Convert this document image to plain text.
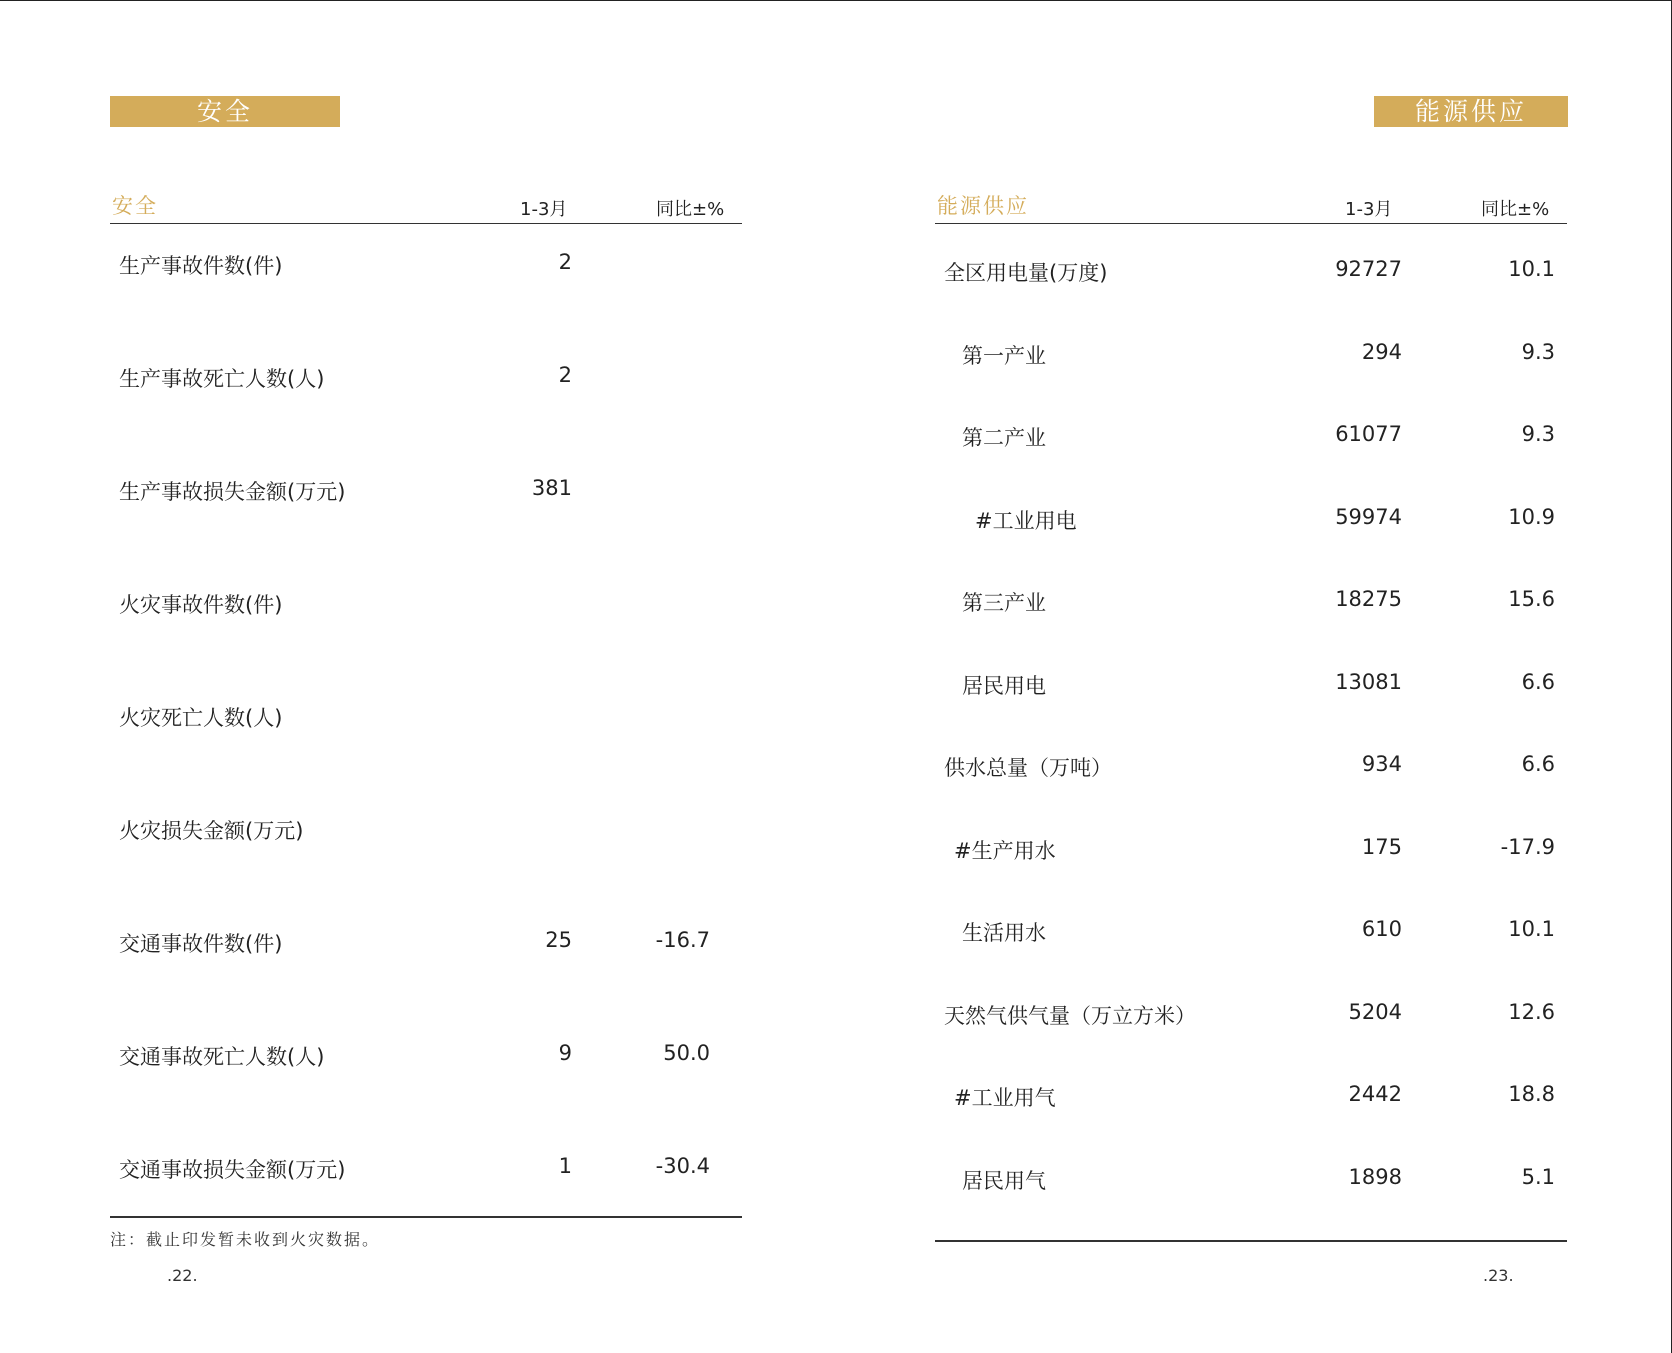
安全
安全	1-3月	同比±%
生产事故件数(件)	2
生产事故死亡人数(人)	2
生产事故损失金额(万元)	381
火灾事故件数(件)
火灾死亡人数(人)
火灾损失金额(万元)
交通事故件数(件)	25	-16.7
交通事故死亡人数(人)	9	50.0
交通事故损失金额(万元)	1	-30.4
注：截止印发暂未收到火灾数据。
.22.
能源供应
能源供应	1-3月	同比±%
全区用电量(万度)	92727	10.1
第一产业	294	9.3
第二产业	61077	9.3
#工业用电	59974	10.9
第三产业	18275	15.6
居民用电	13081	6.6
供水总量（万吨）	934	6.6
#生产用水	175	-17.9
生活用水	610	10.1
天然气供气量（万立方米）	5204	12.6
#工业用气	2442	18.8
居民用气	1898	5.1
.23.
